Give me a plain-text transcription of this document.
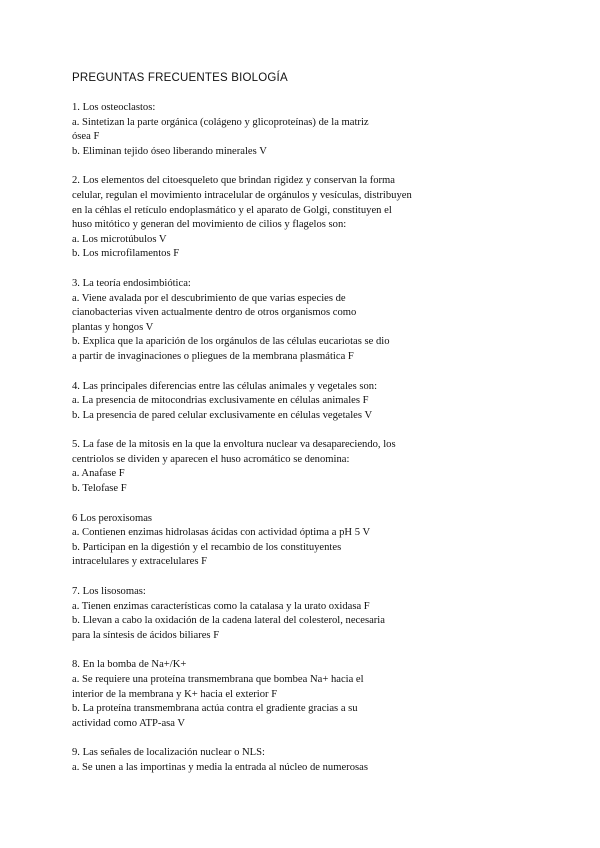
PREGUNTAS FRECUENTES BIOLOGÍA
1. Los osteoclastos:
a. Sintetizan la parte orgánica (colágeno y glicoproteínas) de la matriz
ósea F
b. Eliminan tejido óseo liberando minerales V
2. Los elementos del citoesqueleto que brindan rigidez y conservan la forma
celular, regulan el movimiento intracelular de orgánulos y vesículas, distribuyen
en la céhlas el retículo endoplasmático y el aparato de Golgi, constituyen el
huso mitótico y generan del movimiento de cilios y flagelos son:
a. Los microtúbulos V
b. Los microfilamentos F
3. La teoría endosimbiótica:
a. Viene avalada por el descubrimiento de que varias especies de
cianobacterias viven actualmente dentro de otros organismos como
plantas y hongos V
b. Explica que la aparición de los orgánulos de las células eucariotas se dio
a partir de invaginaciones o pliegues de la membrana plasmática F
4. Las principales diferencias entre las células animales y vegetales son:
a. La presencia de mitocondrias exclusivamente en células animales F
b. La presencia de pared celular exclusivamente en células vegetales V
5. La fase de la mitosis en la que la envoltura nuclear va desapareciendo, los
centriolos se dividen y aparecen el huso acromático se denomina:
a. Anafase F
b. Telofase F
6 Los peroxisomas
a. Contienen enzimas hidrolasas ácidas con actividad óptima a pH 5 V
b. Participan en la digestión y el recambio de los constituyentes
intracelulares y extracelulares F
7. Los lisosomas:
a. Tienen enzimas características como la catalasa y la urato oxidasa F
b. Llevan a cabo la oxidación de la cadena lateral del colesterol, necesaria
para la síntesis de ácidos biliares F
8. En la bomba de Na+/K+
a. Se requiere una proteína transmembrana que bombea Na+ hacia el
interior de la membrana y K+ hacia el exterior F
b. La proteína transmembrana actúa contra el gradiente gracias a su
actividad como ATP-asa V
9. Las señales de localización nuclear o NLS:
a. Se unen a las importinas y media la entrada al núcleo de numerosas
